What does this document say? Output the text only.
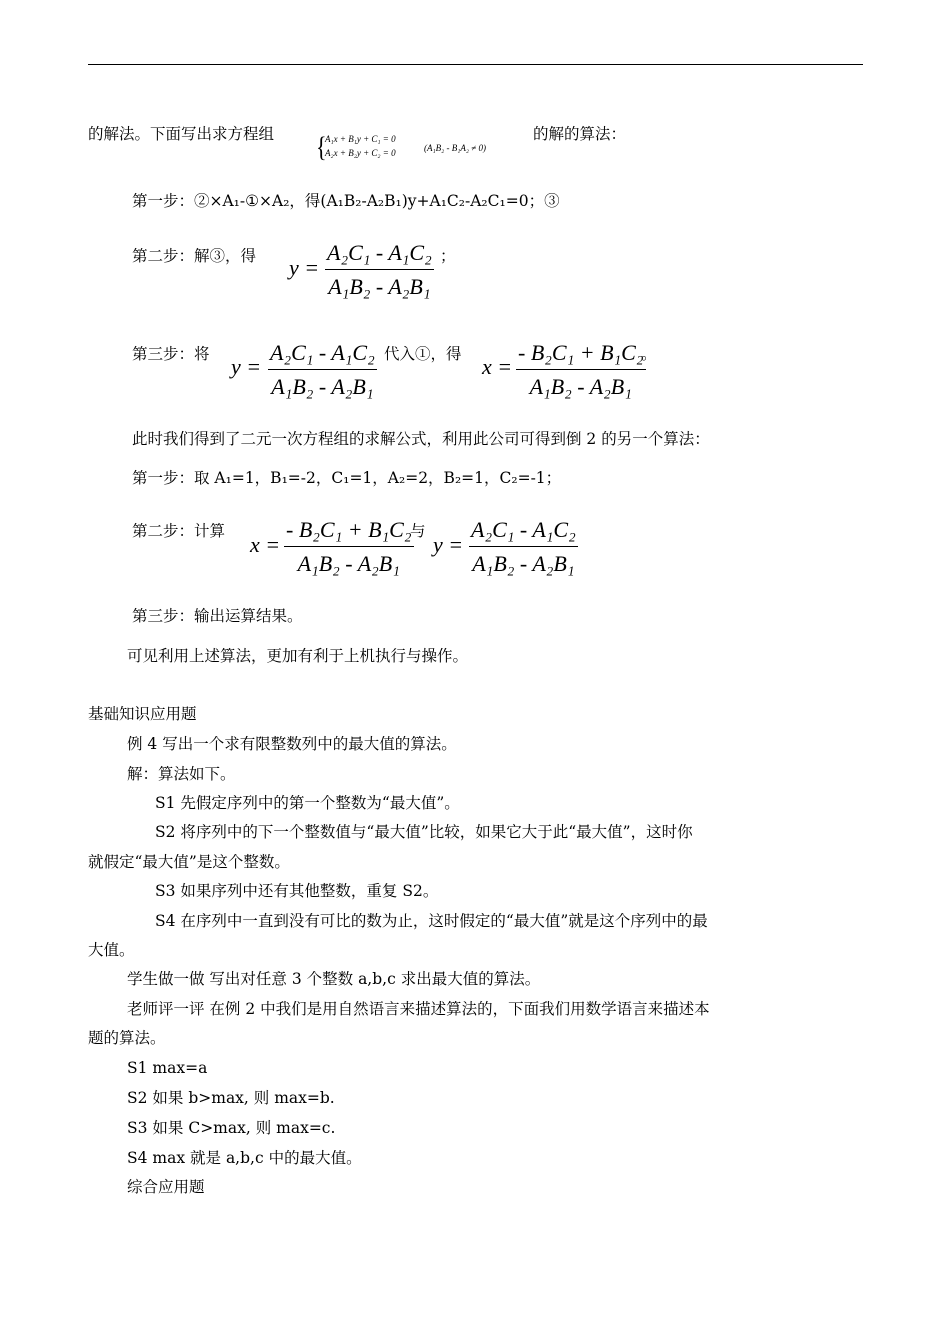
的解法。下面写出求方程组 {
A₁x + B₁y + C₁ = 0
A₂x + B₂y + C₂ = 0	(A₁B₂ - B₁A₂ ≠ 0)
的解的算法：
第一步：②×A₁-①×A₂，得(A₁B₂-A₂B₁)y+A₁C₂-A₂C₁=0；③
第二步：解③，得 $y = \frac{\text{A₂C₁ - A₁C₂}}{\text{A₁B₂ - A₂B₁}}$ ；
第三步：将 $y = \frac{\text{A₂C₁ - A₁C₂}}{\text{A₁B₂ - A₂B₁}}$ 代入①，得 $x = \frac{\text{- B₂C₁ + B₁C₂}}{\text{A₁B₂ - A₂B₁}}$
。
此时我们得到了二元一次方程组的求解公式，利用此公司可得到倒 2 的另一个算法：
第一步：取 A₁=1，B₁=-2，C₁=1，A₂=2，B₂=1，C₂=-1；
第二步：计算
$x = \frac{\text{- B₂C₁ + B₁C₂}}{\text{A₁B₂ - A₂B₁}}$
与
$y = \frac{\text{A₂C₁ - A₁C₂}}{\text{A₁B₂ - A₂B₁}}$
第三步：输出运算结果。
可见利用上述算法，更加有利于上机执行与操作。
基础知识应用题
例 4 写出一个求有限整数列中的最大值的算法。
解：算法如下。
S1 先假定序列中的第一个整数为“最大值”。
S2 将序列中的下一个整数值与“最大值”比较，如果它大于此“最大值”，这时你
就假定“最大值”是这个整数。
S3 如果序列中还有其他整数，重复 S2。
S4 在序列中一直到没有可比的数为止，这时假定的“最大值”就是这个序列中的最
大值。
学生做一做 写出对任意 3 个整数 a,b,c 求出最大值的算法。
老师评一评 在例 2 中我们是用自然语言来描述算法的，下面我们用数学语言来描述本
题的算法。
S1 max=a
S2 如果 b>max, 则 max=b.
S3 如果 C>max, 则 max=c.
S4 max 就是 a,b,c 中的最大值。
综合应用题
